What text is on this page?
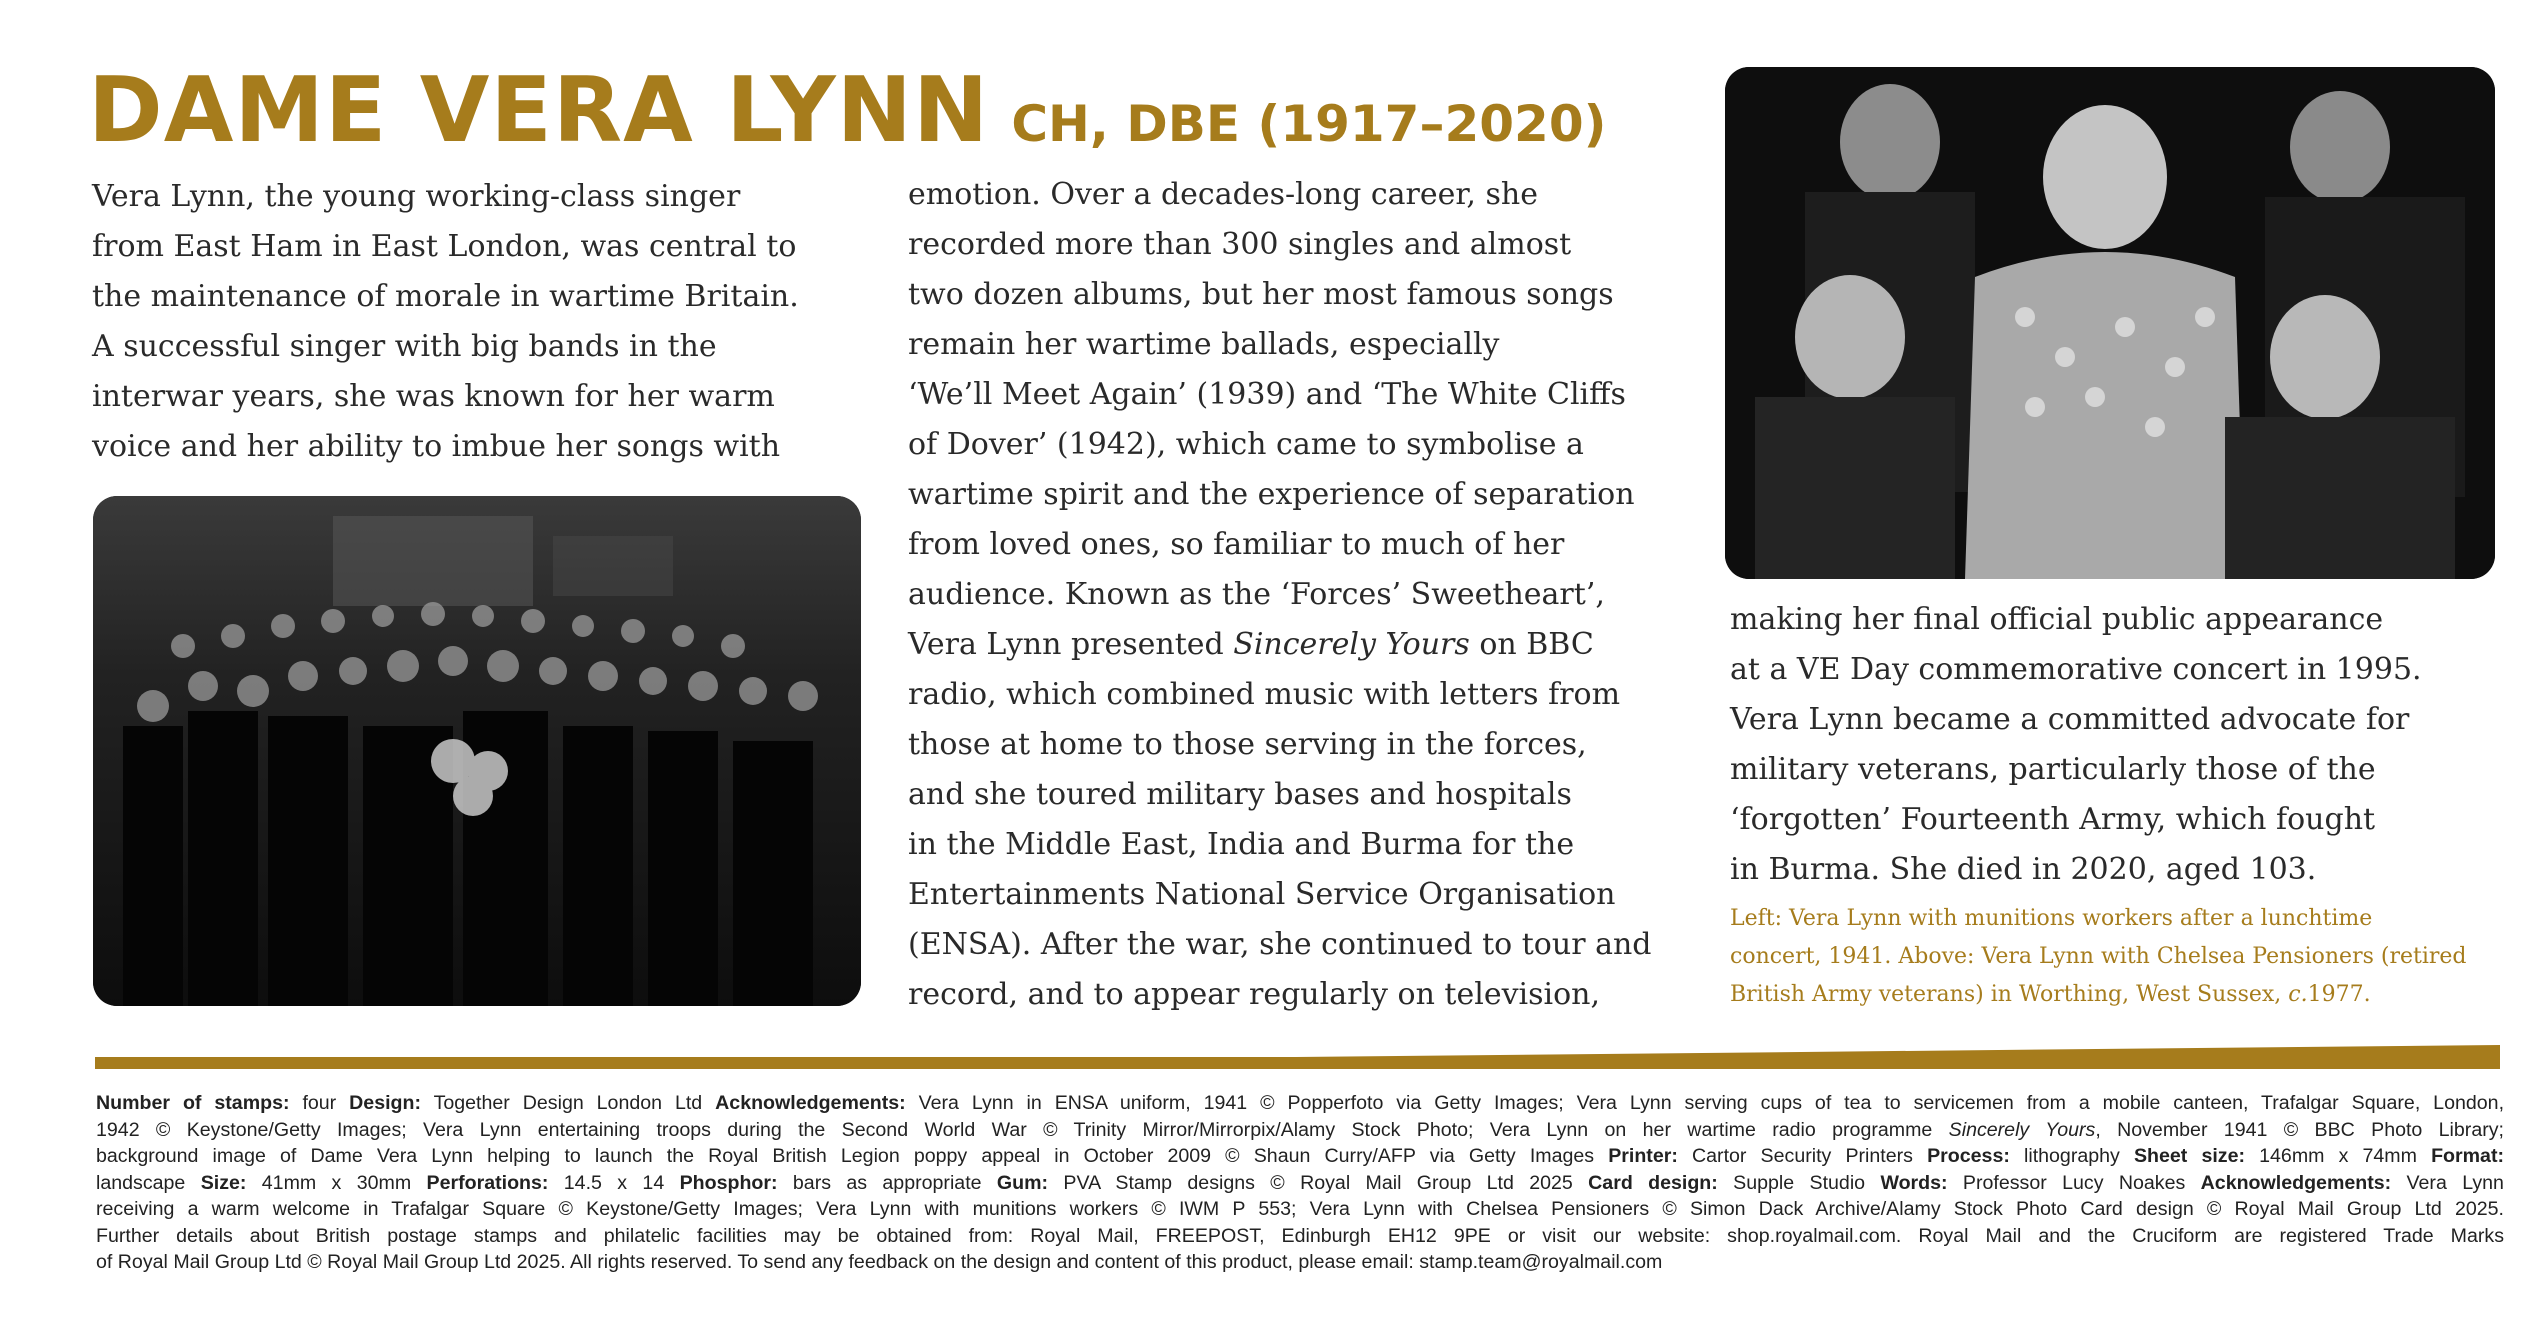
DAME VERA LYNN CH, DBE (1917–2020)
Vera Lynn, the young working-class singer
from East Ham in East London, was central to
the maintenance of morale in wartime Britain.
A successful singer with big bands in the
interwar years, she was known for her warm
voice and her ability to imbue her songs with
emotion. Over a decades-long career, she
recorded more than 300 singles and almost
two dozen albums, but her most famous songs
remain her wartime ballads, especially
‘We’ll Meet Again’ (1939) and ‘The White Cliffs
of Dover’ (1942), which came to symbolise a
wartime spirit and the experience of separation
from loved ones, so familiar to much of her
audience. Known as the ‘Forces’ Sweetheart’,
Vera Lynn presented Sincerely Yours on BBC
radio, which combined music with letters from
those at home to those serving in the forces,
and she toured military bases and hospitals
in the Middle East, India and Burma for the
Entertainments National Service Organisation
(ENSA). After the war, she continued to tour and
record, and to appear regularly on television,
making her final official public appearance
at a VE Day commemorative concert in 1995.
Vera Lynn became a committed advocate for
military veterans, particularly those of the
‘forgotten’ Fourteenth Army, which fought
in Burma. She died in 2020, aged 103.
Left: Vera Lynn with munitions workers after a lunchtime
concert, 1941. Above: Vera Lynn with Chelsea Pensioners (retired
British Army veterans) in Worthing, West Sussex, c.1977.
Number of stamps: four Design: Together Design London Ltd Acknowledgements: Vera Lynn in ENSA uniform, 1941 © Popperfoto via Getty Images; Vera Lynn serving cups of tea to servicemen from a mobile canteen, Trafalgar Square, London,
1942 © Keystone/Getty Images; Vera Lynn entertaining troops during the Second World War © Trinity Mirror/Mirrorpix/Alamy Stock Photo; Vera Lynn on her wartime radio programme Sincerely Yours, November 1941 © BBC Photo Library;
background image of Dame Vera Lynn helping to launch the Royal British Legion poppy appeal in October 2009 © Shaun Curry/AFP via Getty Images Printer: Cartor Security Printers Process: lithography Sheet size: 146mm x 74mm Format:
landscape Size: 41mm x 30mm Perforations: 14.5 x 14 Phosphor: bars as appropriate Gum: PVA Stamp designs © Royal Mail Group Ltd 2025 Card design: Supple Studio Words: Professor Lucy Noakes Acknowledgements: Vera Lynn
receiving a warm welcome in Trafalgar Square © Keystone/Getty Images; Vera Lynn with munitions workers © IWM P 553; Vera Lynn with Chelsea Pensioners © Simon Dack Archive/Alamy Stock Photo Card design © Royal Mail Group Ltd 2025.
Further details about British postage stamps and philatelic facilities may be obtained from: Royal Mail, FREEPOST, Edinburgh EH12 9PE or visit our website: shop.royalmail.com. Royal Mail and the Cruciform are registered Trade Marks
of Royal Mail Group Ltd © Royal Mail Group Ltd 2025. All rights reserved. To send any feedback on the design and content of this product, please email: stamp.team@royalmail.com
